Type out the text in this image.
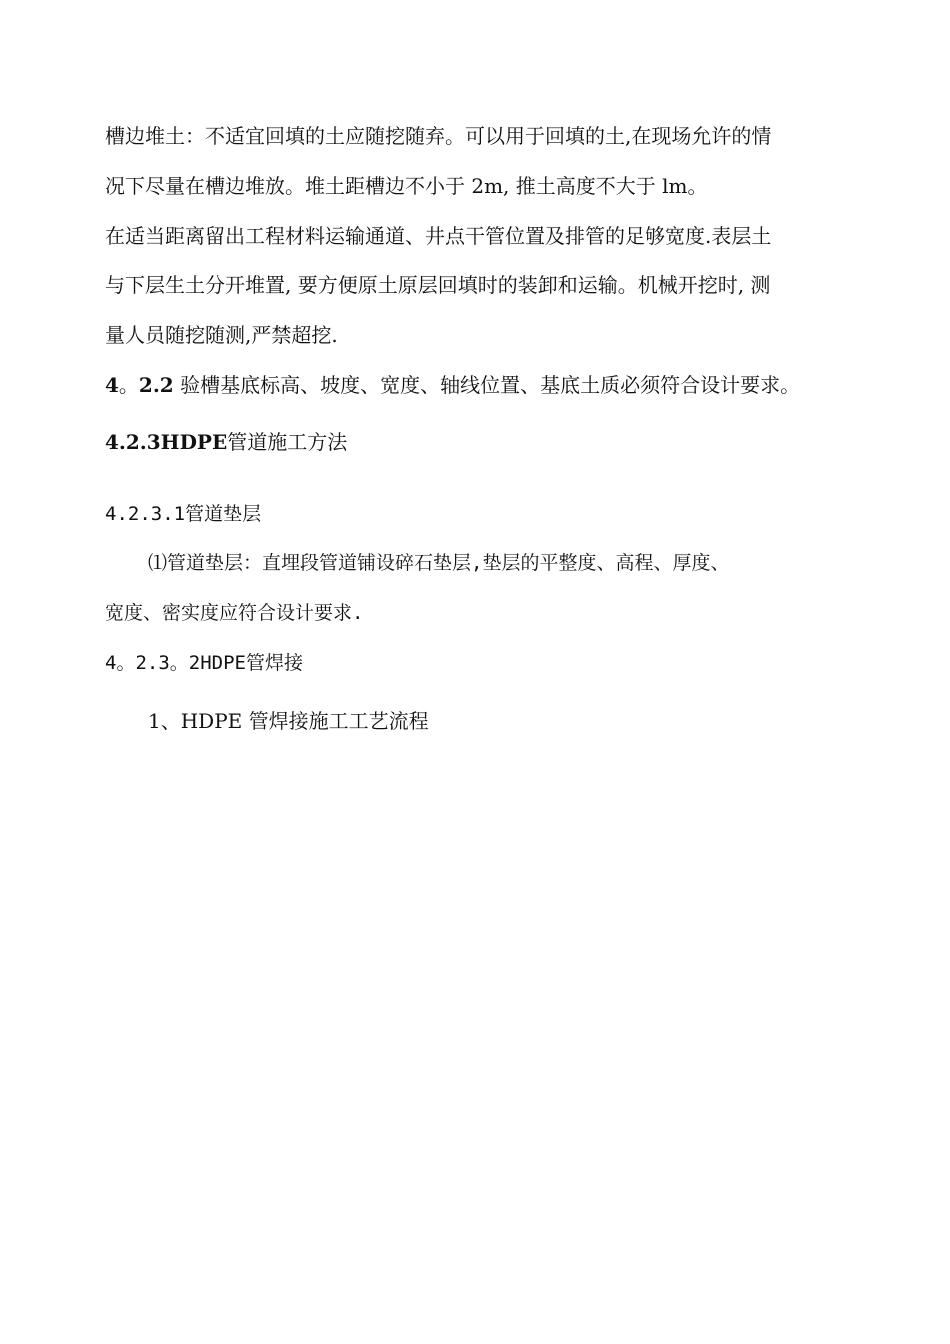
槽边堆土：不适宜回填的土应随挖随弃。可以用于回填的土,在现场允许的情
况下尽量在槽边堆放。堆土距槽边不小于 2m, 推土高度不大于 lm。
在适当距离留出工程材料运输通道、井点干管位置及排管的足够宽度.表层土
与下层生土分开堆置, 要方便原土原层回填时的装卸和运输。机械开挖时, 测
量人员随挖随测,严禁超挖.
4。2.2 验槽基底标高、坡度、宽度、轴线位置、基底土质必须符合设计要求。
4.2.3HDPE管道施工方法
4.2.3.1管道垫层
⑴管道垫层：直埋段管道铺设碎石垫层,垫层的平整度、高程、厚度、
宽度、密实度应符合设计要求.
4。2.3。2HDPE管焊接
1、HDPE 管焊接施工工艺流程
